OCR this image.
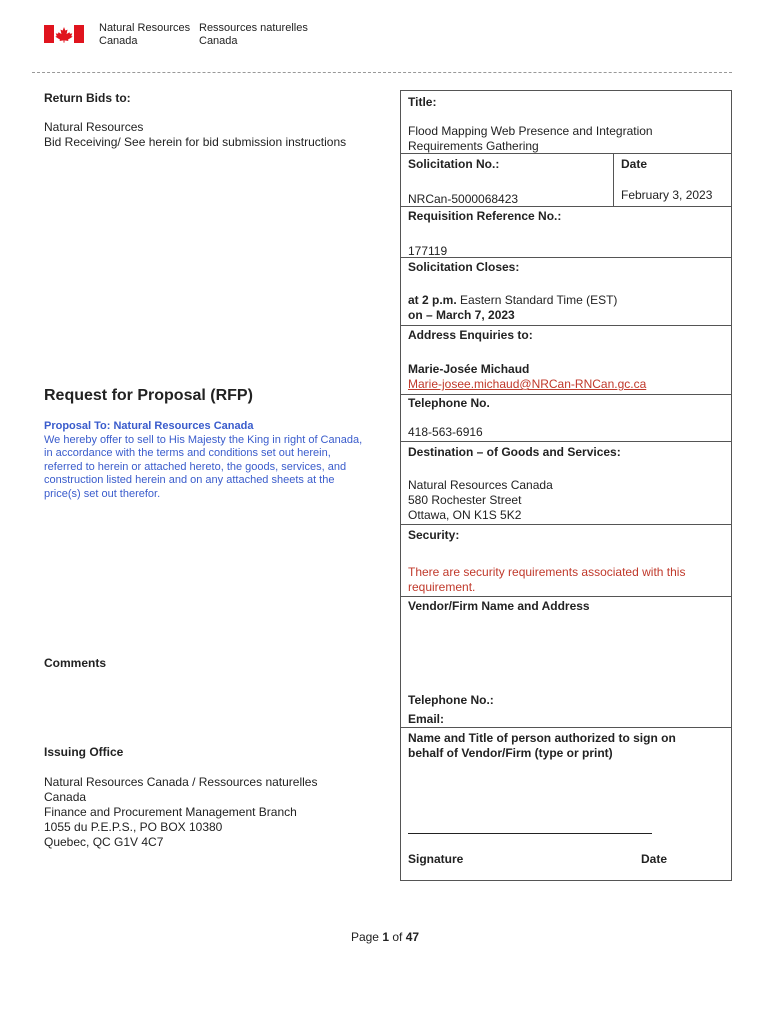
Natural Resources
Canada
Ressources naturelles
Canada
Return Bids to:
Natural Resources
Bid Receiving/ See herein for bid submission instructions
Request for Proposal (RFP)
Proposal To: Natural Resources Canada
We hereby offer to sell to His Majesty the King in right of Canada, in accordance with the terms and conditions set out herein, referred to herein or attached hereto, the goods, services, and construction listed herein and on any attached sheets at the price(s) set out therefor.
Comments
Issuing Office
Natural Resources Canada / Ressources naturelles
Canada
Finance and Procurement Management Branch
1055 du P.E.P.S., PO BOX 10380
Quebec, QC G1V 4C7
Title:
Flood Mapping Web Presence and Integration
Requirements Gathering
Solicitation No.:
NRCan-5000068423
Date
February 3, 2023
Requisition Reference No.:
177119
Solicitation Closes:
at 2 p.m. Eastern Standard Time (EST)
on – March 7, 2023
Address Enquiries to:
Marie-Josée Michaud
Marie-josee.michaud@NRCan-RNCan.gc.ca
Telephone No.
418-563-6916
Destination – of Goods and Services:
Natural Resources Canada
580 Rochester Street
Ottawa, ON K1S 5K2
Security:
There are security requirements associated with this
requirement.
Vendor/Firm Name and Address
Telephone No.:
Email:
Name and Title of person authorized to sign on
behalf of Vendor/Firm (type or print)
Signature	Date
Page 1 of 47
